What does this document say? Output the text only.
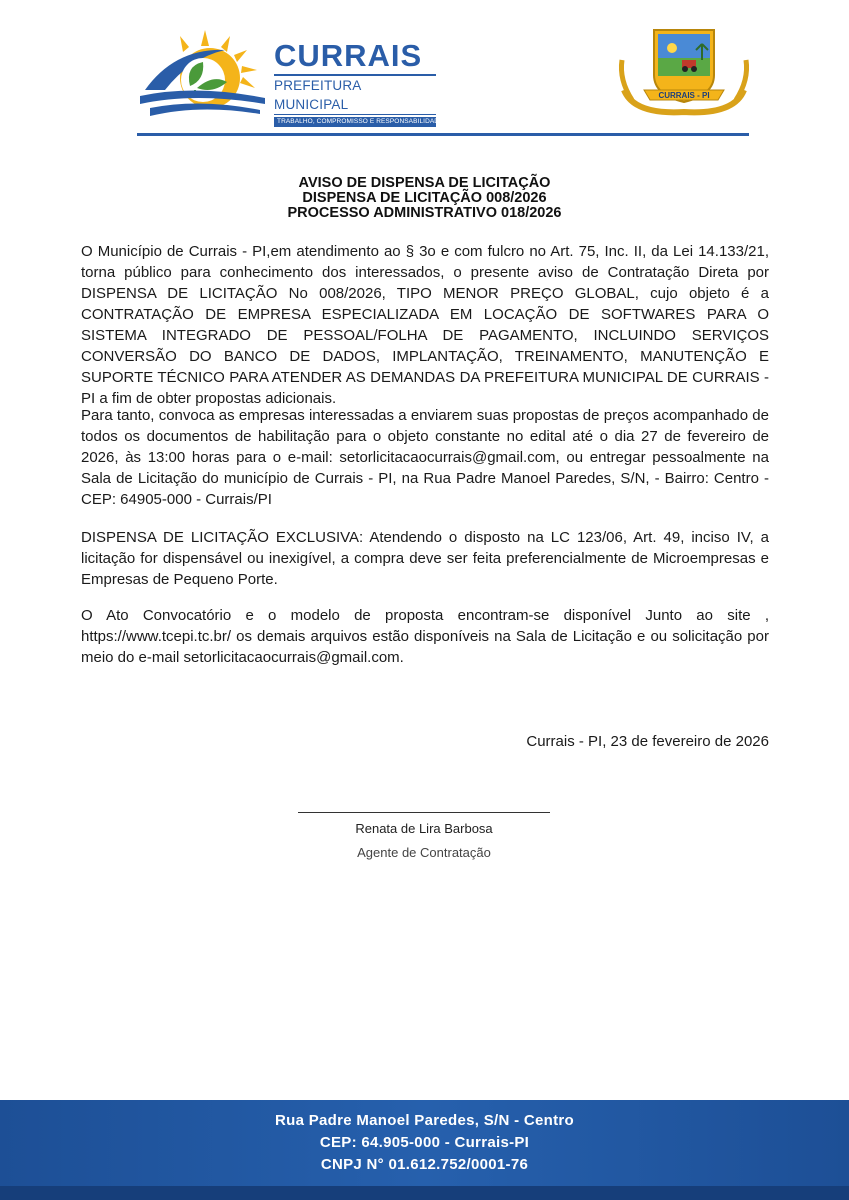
CURRAIS
PREFEITURA MUNICIPAL
TRABALHO, COMPROMISSO E RESPONSABILIDADE
CURRAIS - PI
AVISO DE DISPENSA DE LICITAÇÃO
DISPENSA DE LICITAÇÃO 008/2026
PROCESSO ADMINISTRATIVO 018/2026

O Município de Currais - PI,em atendimento ao § 3o e com fulcro no Art. 75, Inc. II, da Lei 14.133/21, torna público para conhecimento dos interessados, o presente aviso de Contratação Direta por DISPENSA DE LICITAÇÃO No 008/2026, TIPO MENOR PREÇO GLOBAL, cujo objeto é a CONTRATAÇÃO DE EMPRESA ESPECIALIZADA EM LOCAÇÃO DE SOFTWARES PARA O SISTEMA INTEGRADO DE PESSOAL/FOLHA DE PAGAMENTO, INCLUINDO SERVIÇOS CONVERSÃO DO BANCO DE DADOS, IMPLANTAÇÃO, TREINAMENTO, MANUTENÇÃO E SUPORTE TÉCNICO PARA ATENDER AS DEMANDAS DA PREFEITURA MUNICIPAL DE CURRAIS - PI a fim de obter propostas adicionais.

Para tanto, convoca as empresas interessadas a enviarem suas propostas de preços acompanhado de todos os documentos de habilitação para o objeto constante no edital até o dia 27 de fevereiro de 2026, às 13:00 horas para o e-mail: setorlicitacaocurrais@gmail.com, ou entregar pessoalmente na Sala de Licitação do município de Currais - PI, na Rua Padre Manoel Paredes, S/N, - Bairro: Centro - CEP: 64905-000 - Currais/PI

DISPENSA DE LICITAÇÃO EXCLUSIVA: Atendendo o disposto na LC 123/06, Art. 49, inciso IV, a licitação for dispensável ou inexigível, a compra deve ser feita preferencialmente de Microempresas e Empresas de Pequeno Porte.

O Ato Convocatório e o modelo de proposta encontram-se disponível Junto ao site , https://www.tcepi.tc.br/ os demais arquivos estão disponíveis na Sala de Licitação e ou solicitação por meio do e-mail setorlicitacaocurrais@gmail.com.

Currais - PI, 23 de fevereiro de 2026
Renata de Lira Barbosa
Agente de Contratação
Rua Padre Manoel Paredes, S/N - Centro
CEP: 64.905-000 - Currais-PI
CNPJ N° 01.612.752/0001-76
